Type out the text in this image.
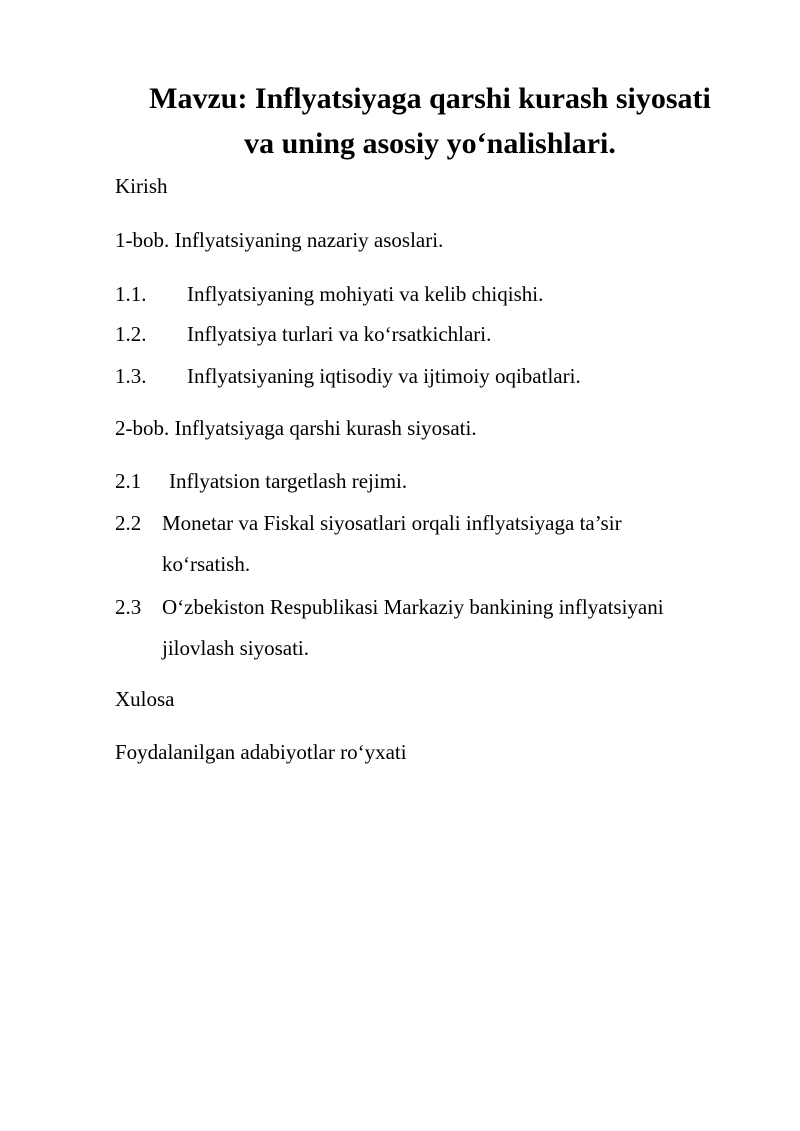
Mavzu: Inflyatsiyaga qarshi kurash siyosati
va uning asosiy yo‘nalishlari.

Kirish

1-bob. Inflyatsiyaning nazariy asoslari.

1.1. Inflyatsiyaning mohiyati va kelib chiqishi.
1.2. Inflyatsiya turlari va ko‘rsatkichlari.
1.3. Inflyatsiyaning iqtisodiy va ijtimoiy oqibatlari.

2-bob. Inflyatsiyaga qarshi kurash siyosati.

2.1 Inflyatsion targetlash rejimi.
2.2 Monetar va Fiskal siyosatlari orqali inflyatsiyaga ta’sir
ko‘rsatish.
2.3 O‘zbekiston Respublikasi Markaziy bankining inflyatsiyani
jilovlash siyosati.

Xulosa

Foydalanilgan adabiyotlar ro‘yxati
